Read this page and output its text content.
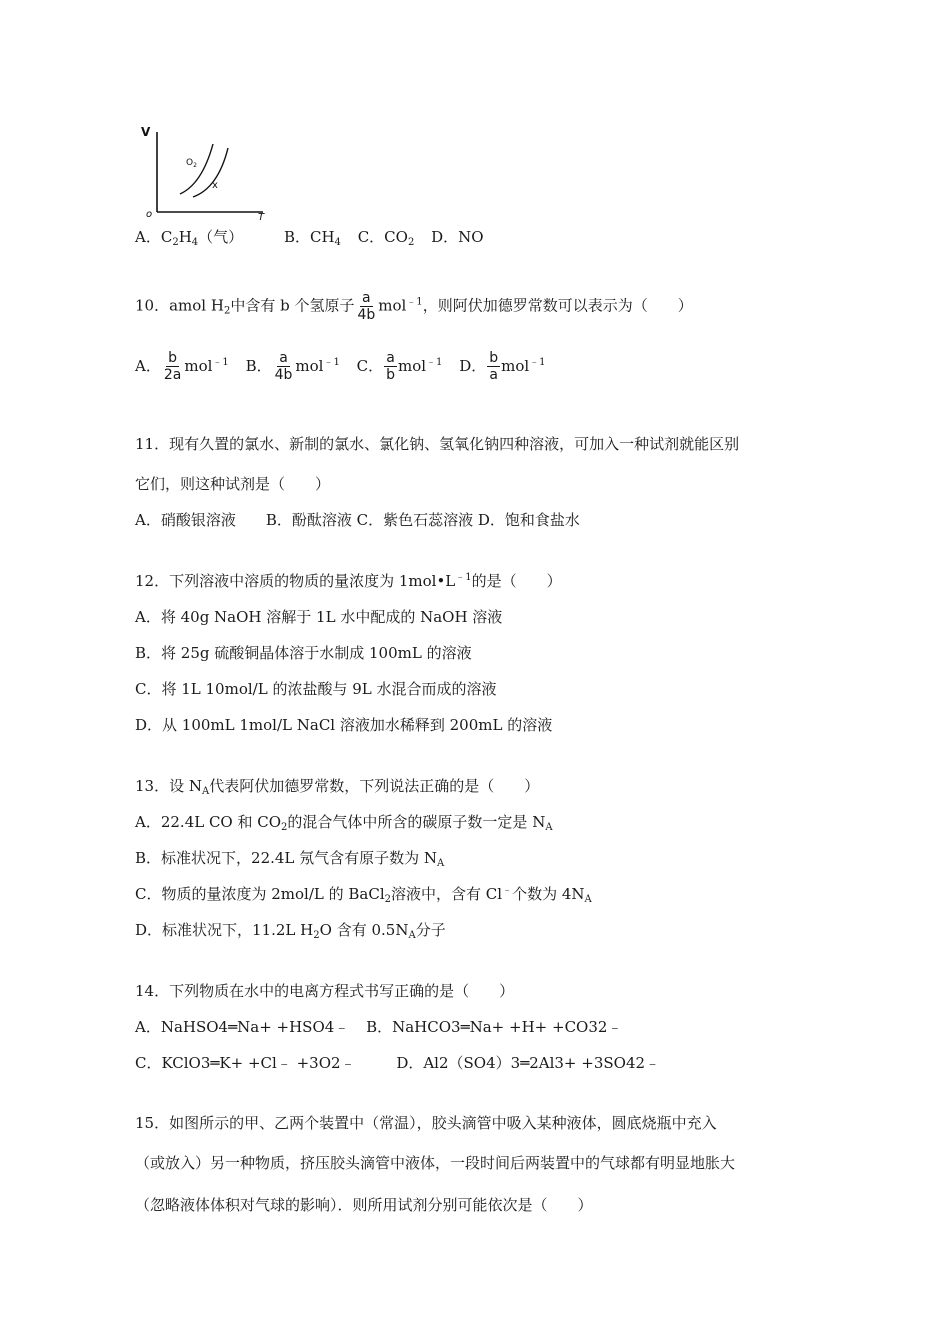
V
T
o
$O_2$
x
A．$C_2H_4$（气）	B．$CH_4$ C．$CO_2$ D．NO
10．amol $H_2$中含有 b 个氢原子 $\frac{a}{4b} mol^{﹣1}$，则阿伏加德罗常数可以表示为（　　）
A． $\frac{b}{2a} mol^{﹣1}$ B． $\frac{a}{4b} mol^{﹣1}$ C． $\frac{a}{b} mol^{﹣1}$ D． $\frac{b}{a} mol^{﹣1}$
11．现有久置的氯水、新制的氯水、氯化钠、氢氧化钠四种溶液，可加入一种试剂就能区别
它们，则这种试剂是（　　）
A．硝酸银溶液　　B．酚酞溶液 C．紫色石蕊溶液 D．饱和食盐水
12．下列溶液中溶质的物质的量浓度为 $1mol•L^{﹣1}$的是（　　）
A．将 40g NaOH 溶解于 1L 水中配成的 NaOH 溶液
B．将 25g 硫酸铜晶体溶于水制成 100mL 的溶液
C．将 1L 10mol/L 的浓盐酸与 9L 水混合而成的溶液
D．从 100mL 1mol/L NaCl 溶液加水稀释到 200mL 的溶液
13．设 $N_A$代表阿伏加德罗常数，下列说法正确的是（　　）
A．22.4L CO 和 $CO_2$的混合气体中所含的碳原子数一定是 $N_A$
B．标准状况下，22.4L 氖气含有原子数为 $N_A$
C．物质的量浓度为 2mol/L 的 BaCl$_2$溶液中，含有 Cl﹣个数为 $4N_A$
D．标准状况下，11.2L $H_2O$ 含有 $0.5N_A$分子
14．下列物质在水中的电离方程式书写正确的是（　　）
A．NaHSO4═Na+ +HSO4﹣ B．NaHCO3═Na+ +H+ +CO32﹣
C．KClO3═K+ +Cl﹣ +3O2﹣	D．Al2（SO4）3═2Al3+ +3SO42﹣
15．如图所示的甲、乙两个装置中（常温），胶头滴管中吸入某种液体，圆底烧瓶中充入
（或放入）另一种物质，挤压胶头滴管中液体，一段时间后两装置中的气球都有明显地胀大
（忽略液体体积对气球的影响）．则所用试剂分别可能依次是（　　）
